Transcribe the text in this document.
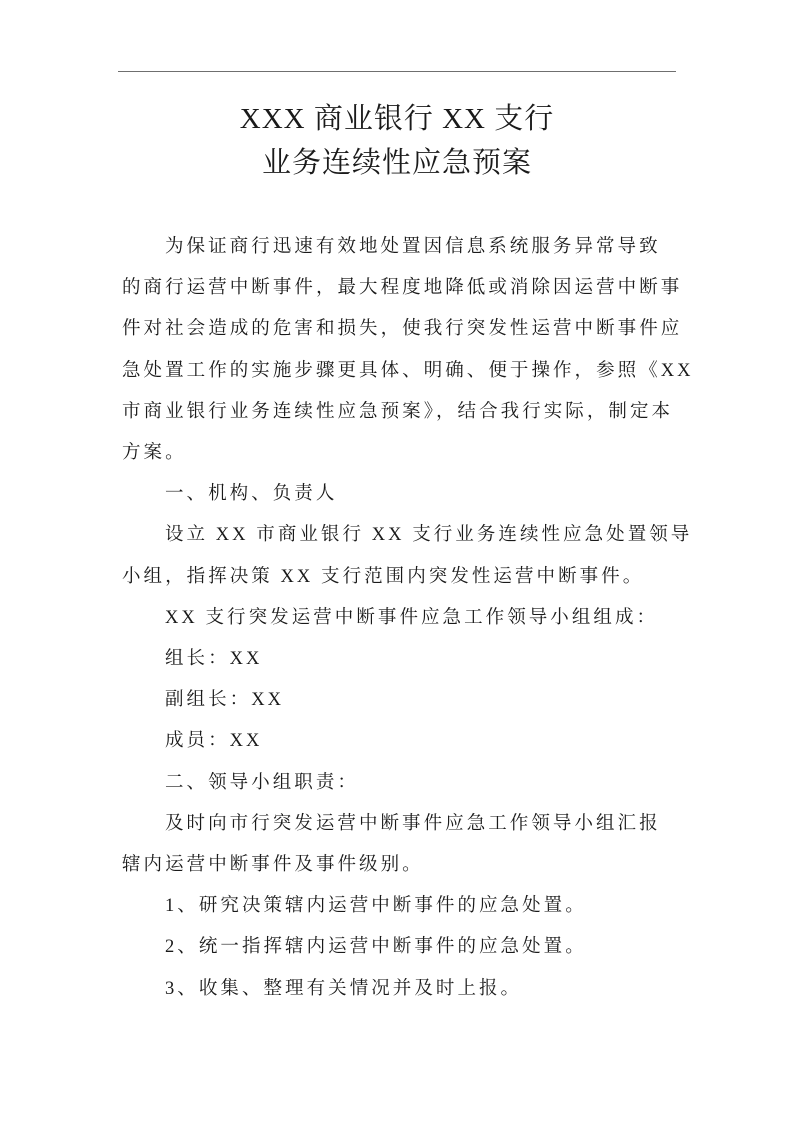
XXX 商业银行 XX 支行
业务连续性应急预案

为保证商行迅速有效地处置因信息系统服务异常导致
的商行运营中断事件，最大程度地降低或消除因运营中断事
件对社会造成的危害和损失，使我行突发性运营中断事件应
急处置工作的实施步骤更具体、明确、便于操作，参照《XX
市商业银行业务连续性应急预案》，结合我行实际，制定本
方案。

一、机构、负责人

设立 XX 市商业银行 XX 支行业务连续性应急处置领导
小组，指挥决策 XX 支行范围内突发性运营中断事件。

XX 支行突发运营中断事件应急工作领导小组组成：

组长：XX

副组长：XX

成员：XX

二、领导小组职责：

及时向市行突发运营中断事件应急工作领导小组汇报
辖内运营中断事件及事件级别。

1、研究决策辖内运营中断事件的应急处置。

2、统一指挥辖内运营中断事件的应急处置。

3、收集、整理有关情况并及时上报。
